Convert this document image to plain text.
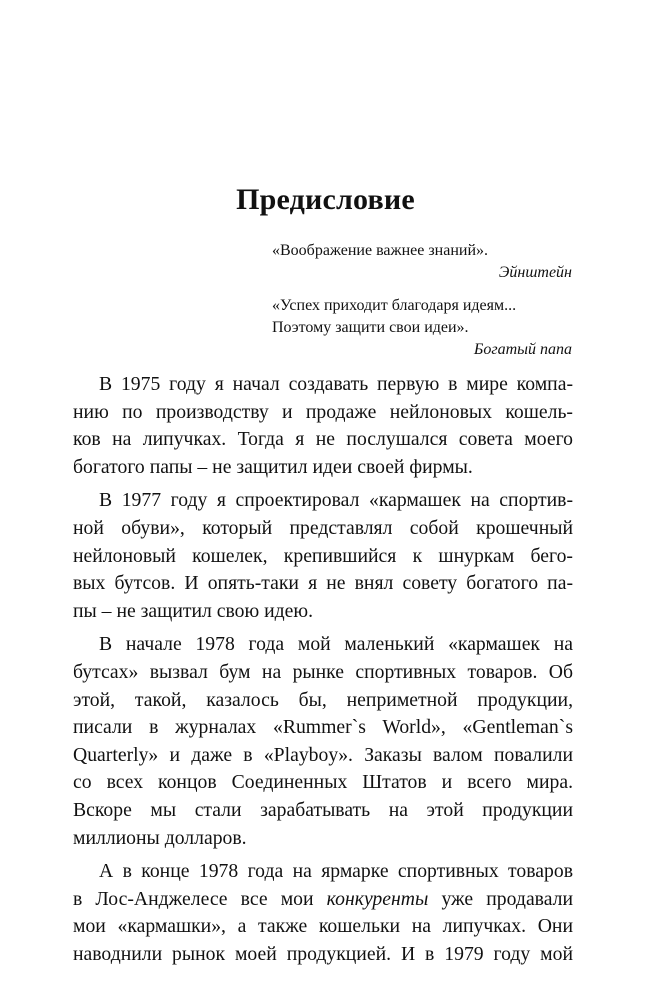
Предисловие
«Воображение важнее знаний».
Эйнштейн
«Успех приходит благодаря идеям...
Поэтому защити свои идеи».
Богатый папа
В 1975 году я начал создавать первую в мире компа-
нию по производству и продаже нейлоновых кошель-
ков на липучках. Тогда я не послушался совета моего
богатого папы – не защитил идеи своей фирмы.
В 1977 году я спроектировал «кармашек на спортив-
ной обуви», который представлял собой крошечный
нейлоновый кошелек, крепившийся к шнуркам бего-
вых бутсов. И опять-таки я не внял совету богатого па-
пы – не защитил свою идею.
В начале 1978 года мой маленький «кармашек на
бутсах» вызвал бум на рынке спортивных товаров. Об
этой, такой, казалось бы, неприметной продукции,
писали в журналах «Rummer`s World», «Gentleman`s
Quarterly» и даже в «Playboy». Заказы валом повалили
со всех концов Соединенных Штатов и всего мира.
Вскоре мы стали зарабатывать на этой продукции
миллионы долларов.
А в конце 1978 года на ярмарке спортивных товаров
в Лос-Анджелесе все мои конкуренты уже продавали
мои «кармашки», а также кошельки на липучках. Они
наводнили рынок моей продукцией. И в 1979 году мой
